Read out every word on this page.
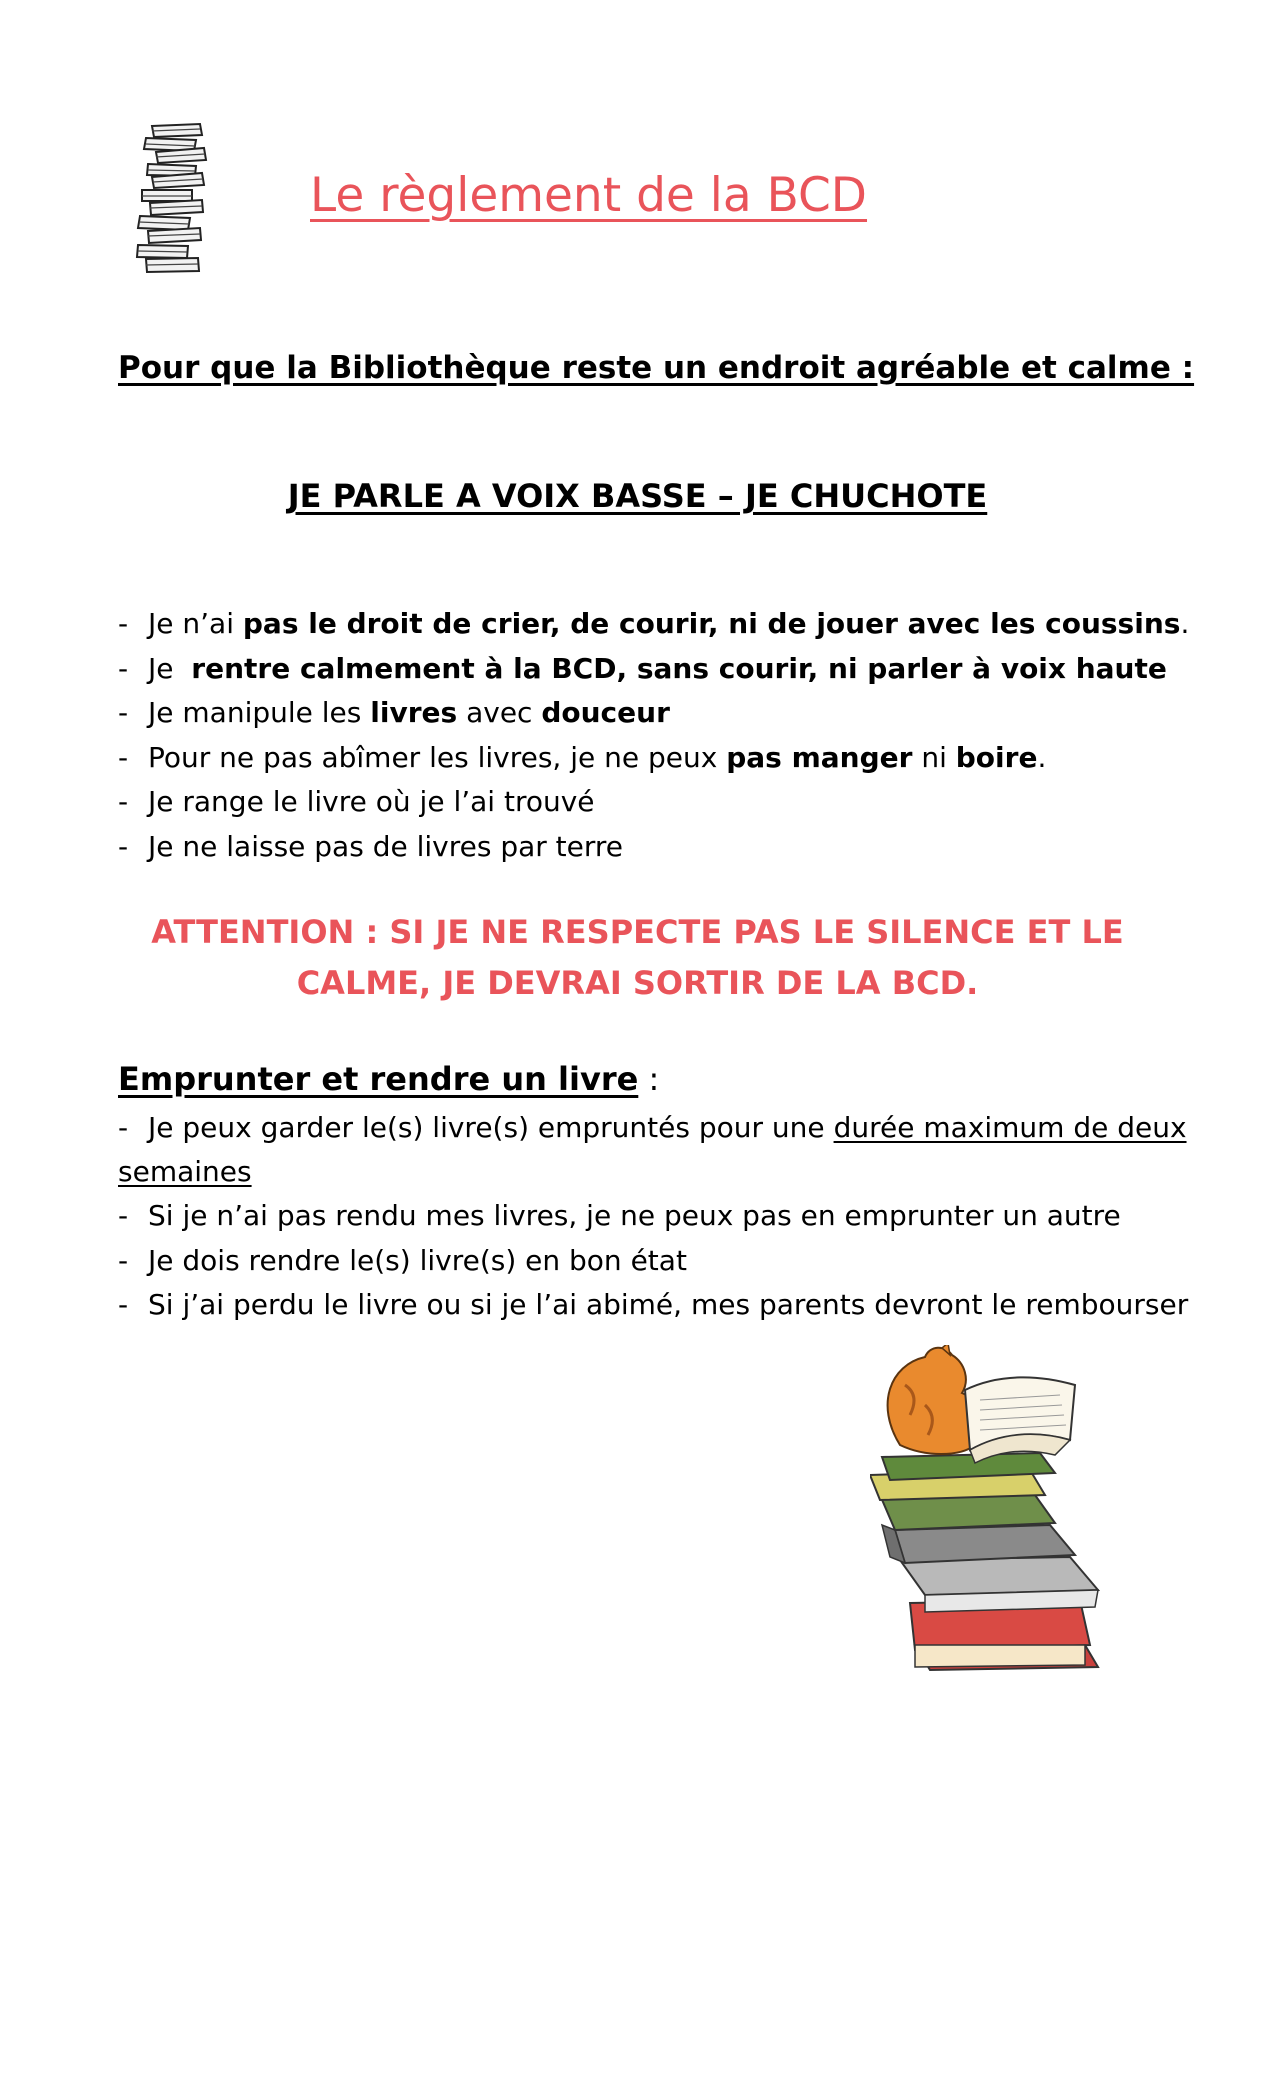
Le règlement de la BCD
Pour que la Bibliothèque reste un endroit agréable et calme :
JE PARLE A VOIX BASSE – JE CHUCHOTE
- Je n’ai pas le droit de crier, de courir, ni de jouer avec les coussins.
- Je  rentre calmement à la BCD, sans courir, ni parler à voix haute
- Je manipule les livres avec douceur
- Pour ne pas abîmer les livres, je ne peux pas manger ni boire.
- Je range le livre où je l’ai trouvé
- Je ne laisse pas de livres par terre
ATTENTION : SI JE NE RESPECTE PAS LE SILENCE ET LE
CALME, JE DEVRAI SORTIR DE LA BCD.
Emprunter et rendre un livre :
- Je peux garder le(s) livre(s) empruntés pour une durée maximum de deux
semaines
- Si je n’ai pas rendu mes livres, je ne peux pas en emprunter un autre
- Je dois rendre le(s) livre(s) en bon état
- Si j’ai perdu le livre ou si je l’ai abimé, mes parents devront le rembourser
